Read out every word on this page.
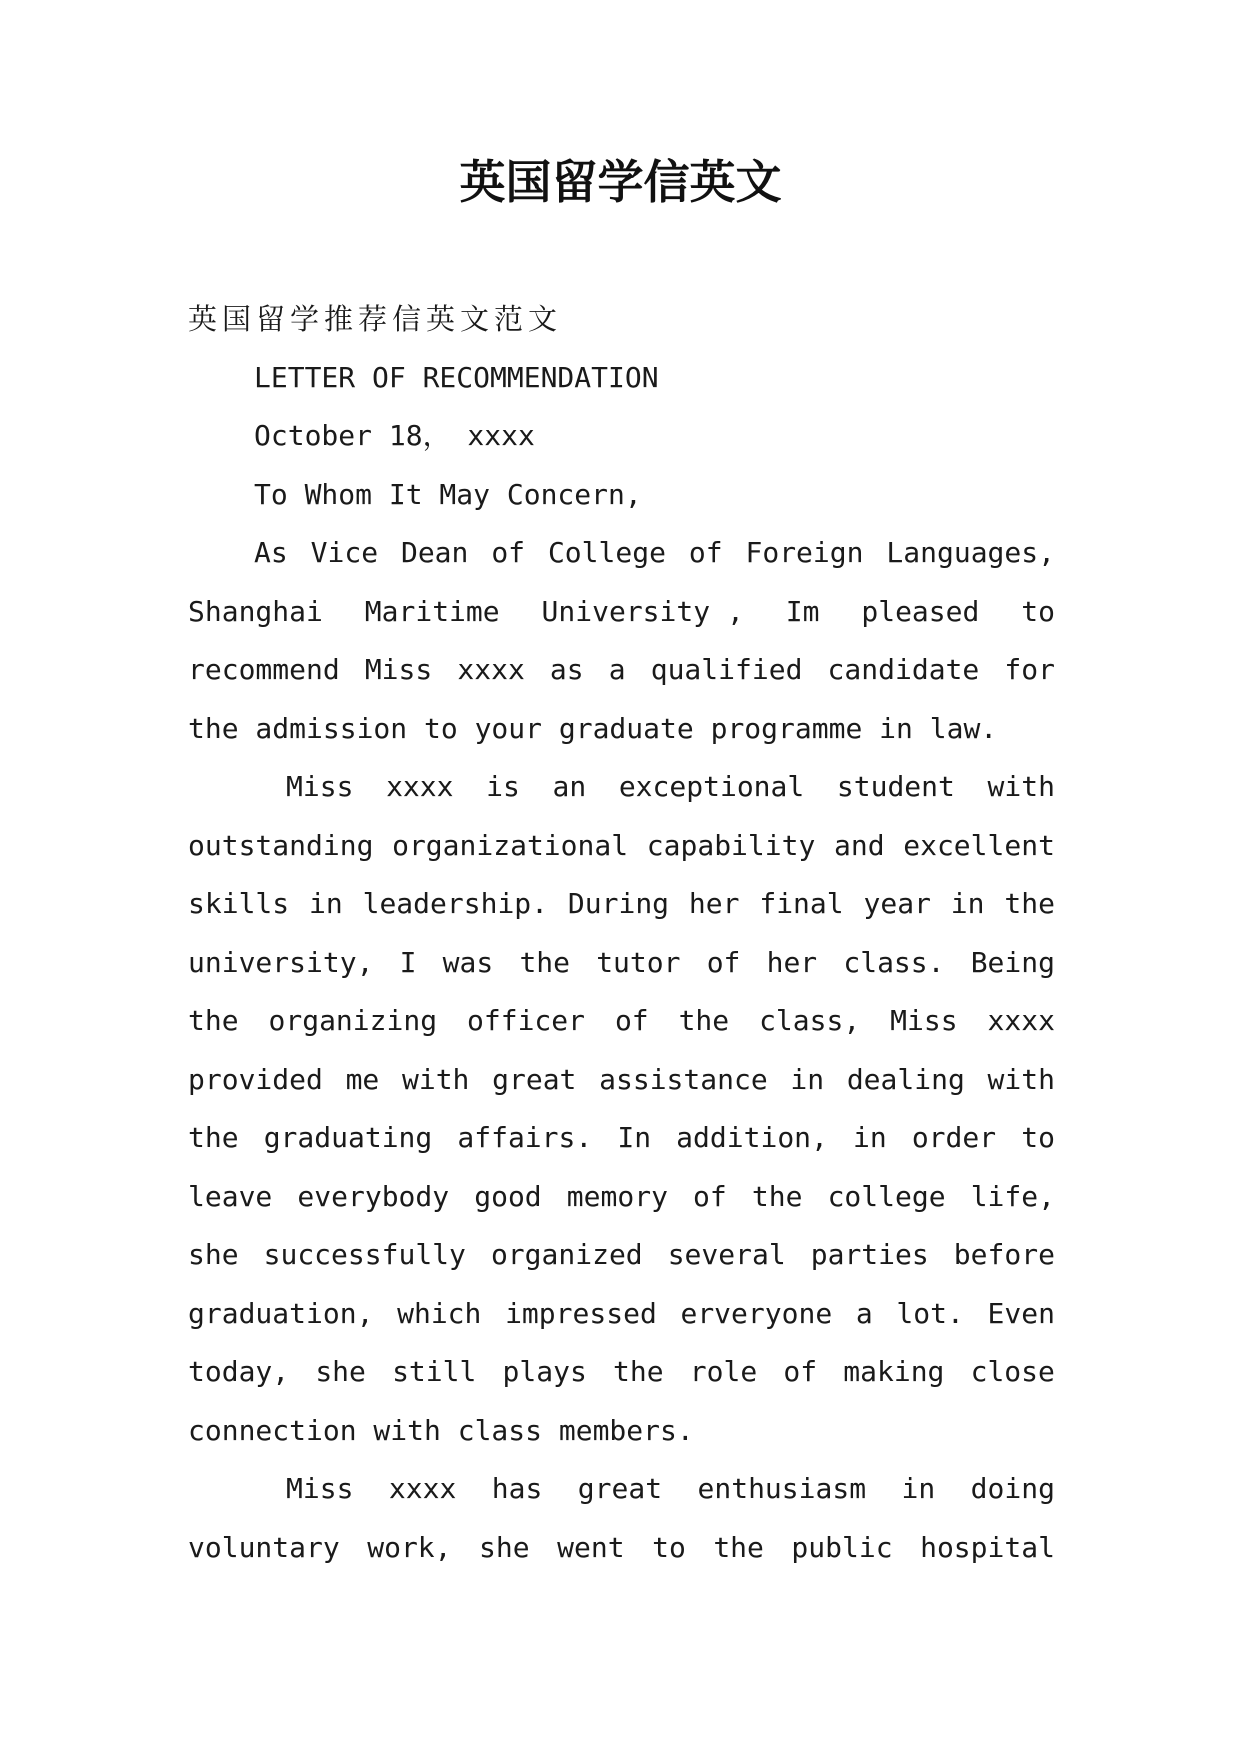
英国留学信英文
英国留学推荐信英文范文
LETTER OF RECOMMENDATION
October 18， xxxx
To Whom It May Concern,
As Vice Dean of College of Foreign Languages,
Shanghai Maritime University , Im pleased to
recommend Miss xxxx as a qualified candidate for
the admission to your graduate programme in law.
Miss xxxx is an exceptional student with
outstanding organizational capability and excellent
skills in leadership. During her final year in the
university, I was the tutor of her class. Being
the organizing officer of the class, Miss xxxx
provided me with great assistance in dealing with
the graduating affairs. In addition, in order to
leave everybody good memory of the college life,
she successfully organized several parties before
graduation, which impressed erveryone a lot. Even
today, she still plays the role of making close
connection with class members.
Miss xxxx has great enthusiasm in doing
voluntary work, she went to the public hospital
